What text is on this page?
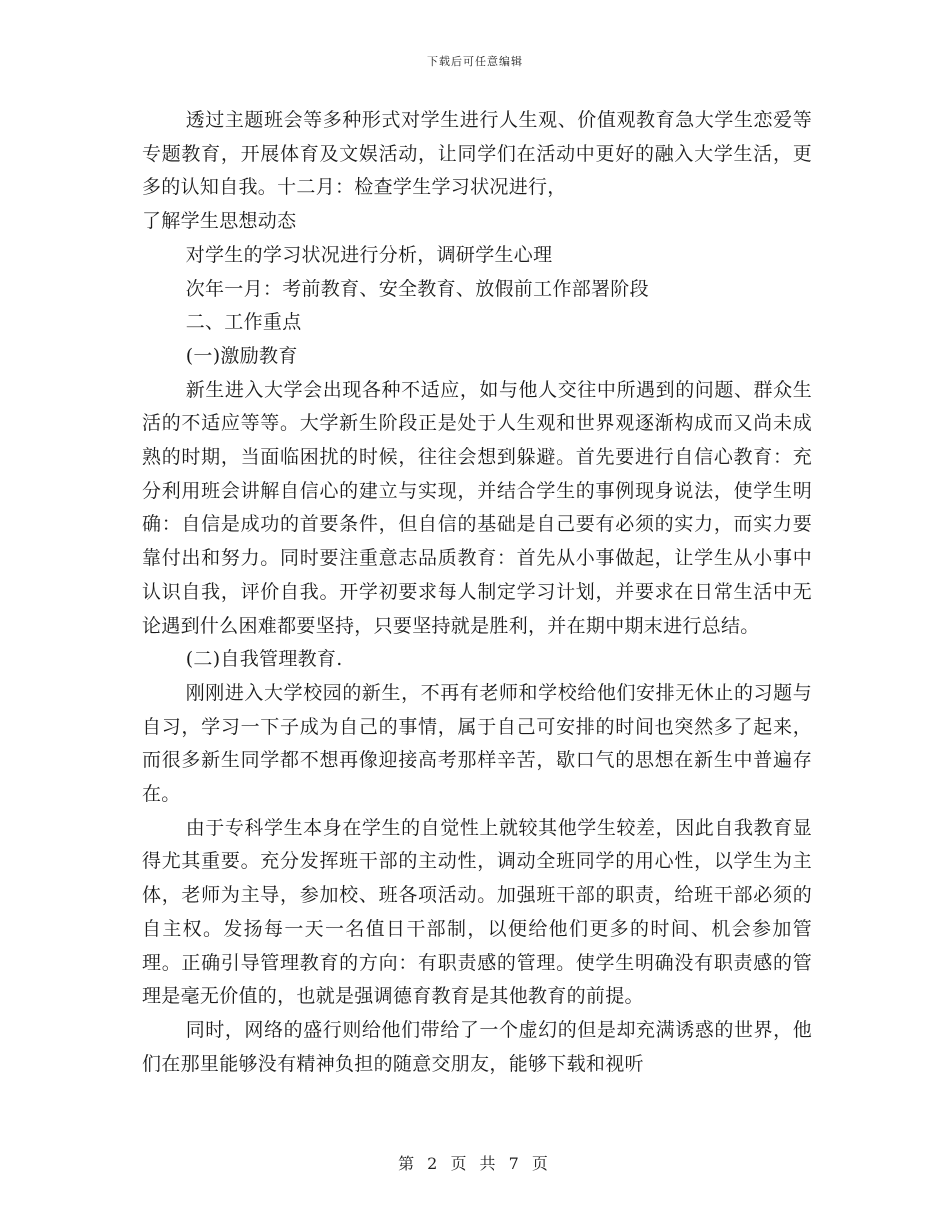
下载后可任意编辑

透过主题班会等多种形式对学生进行人生观、价值观教育急大学生恋爱等专题教育，开展体育及文娱活动，让同学们在活动中更好的融入大学生活，更多的认知自我。十二月：检查学生学习状况进行，

了解学生思想动态

对学生的学习状况进行分析，调研学生心理

次年一月：考前教育、安全教育、放假前工作部署阶段

二、工作重点

(一)激励教育

新生进入大学会出现各种不适应，如与他人交往中所遇到的问题、群众生活的不适应等等。大学新生阶段正是处于人生观和世界观逐渐构成而又尚未成熟的时期，当面临困扰的时候，往往会想到躲避。首先要进行自信心教育：充分利用班会讲解自信心的建立与实现，并结合学生的事例现身说法，使学生明确：自信是成功的首要条件，但自信的基础是自己要有必须的实力，而实力要靠付出和努力。同时要注重意志品质教育：首先从小事做起，让学生从小事中认识自我，评价自我。开学初要求每人制定学习计划，并要求在日常生活中无论遇到什么困难都要坚持，只要坚持就是胜利，并在期中期末进行总结。

(二)自我管理教育.

刚刚进入大学校园的新生，不再有老师和学校给他们安排无休止的习题与自习，学习一下子成为自己的事情，属于自己可安排的时间也突然多了起来，而很多新生同学都不想再像迎接高考那样辛苦，歇口气的思想在新生中普遍存在。

由于专科学生本身在学生的自觉性上就较其他学生较差，因此自我教育显得尤其重要。充分发挥班干部的主动性，调动全班同学的用心性，以学生为主体，老师为主导，参加校、班各项活动。加强班干部的职责，给班干部必须的自主权。发扬每一天一名值日干部制，以便给他们更多的时间、机会参加管理。正确引导管理教育的方向：有职责感的管理。使学生明确没有职责感的管理是毫无价值的，也就是强调德育教育是其他教育的前提。

同时，网络的盛行则给他们带给了一个虚幻的但是却充满诱惑的世界，他们在那里能够没有精神负担的随意交朋友，能够下载和视听

第 2 页 共 7 页
